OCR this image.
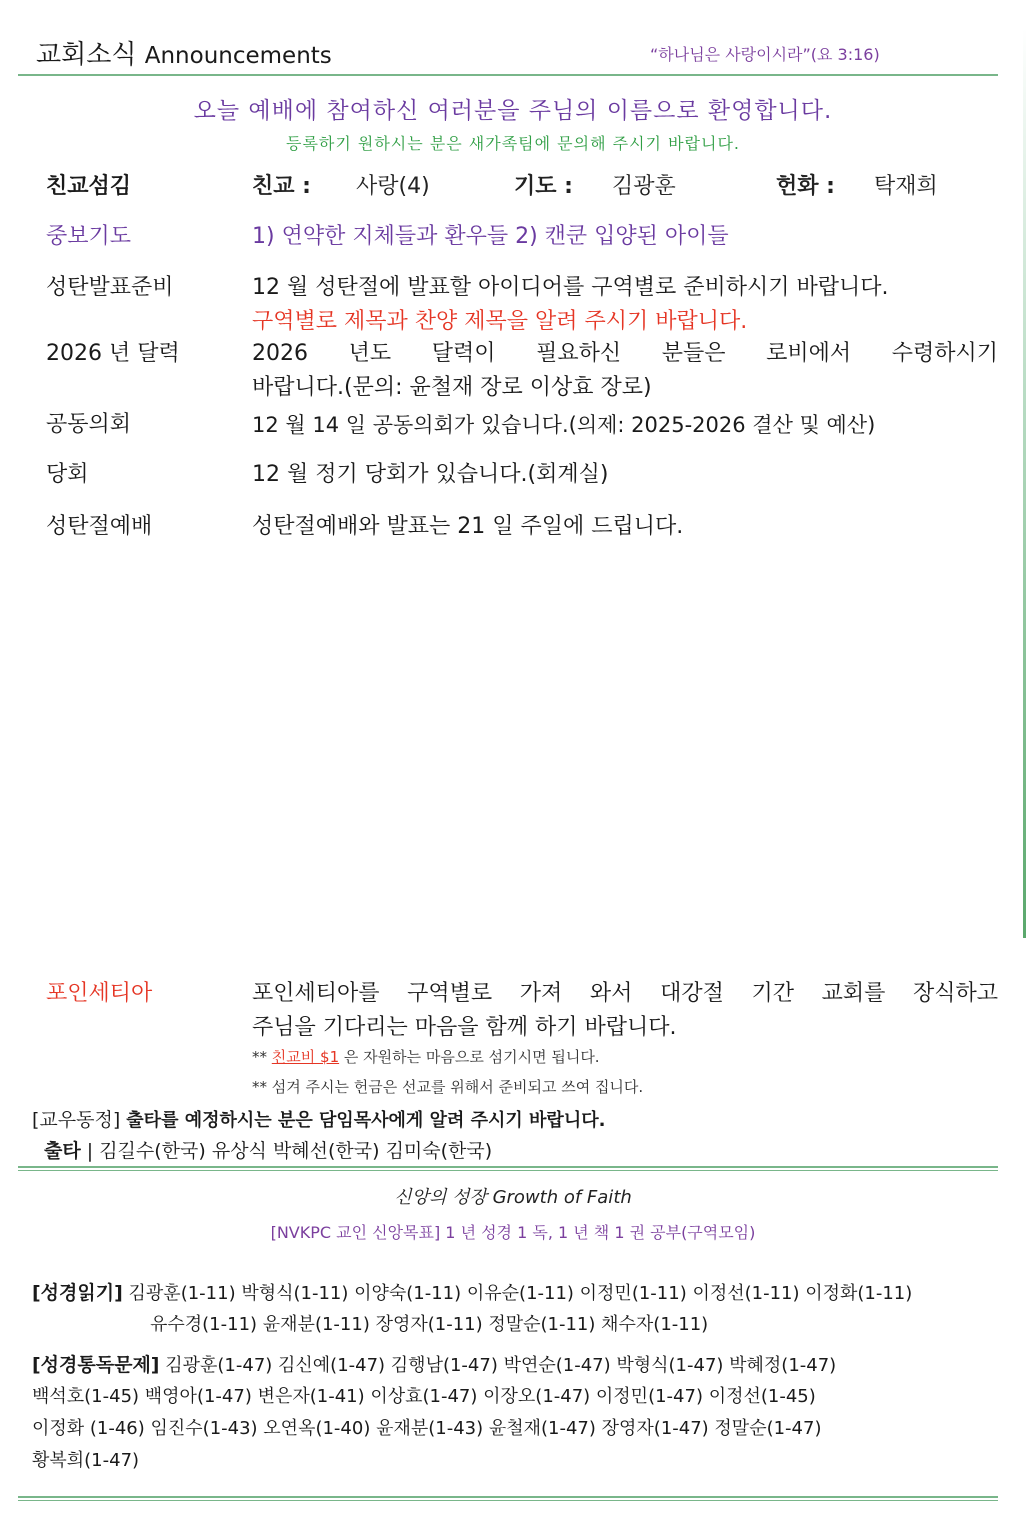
교회소식 Announcements	“하나님은 사랑이시라”(요 3:16)
오늘 예배에 참여하신 여러분을 주님의 이름으로 환영합니다.
등록하기 원하시는 분은 새가족팀에 문의해 주시기 바랍니다.
친교섬김	친교 : 사랑(4)	기도 : 김광훈	헌화 : 탁재희
중보기도	1) 연약한 지체들과 환우들 2) 캔쿤 입양된 아이들
성탄발표준비	12 월 성탄절에 발표할 아이디어를 구역별로 준비하시기 바랍니다.
구역별로 제목과 찬양 제목을 알려 주시기 바랍니다.
2026 년 달력	2026 년도 달력이 필요하신 분들은 로비에서 수령하시기
바랍니다.(문의: 윤철재 장로 이상효 장로)
공동의회	12 월 14 일 공동의회가 있습니다.(의제: 2025-2026 결산 및 예산)
당회	12 월 정기 당회가 있습니다.(회계실)
성탄절예배	성탄절예배와 발표는 21 일 주일에 드립니다.
포인세티아	포인세티아를 구역별로 가져 와서 대강절 기간 교회를 장식하고
주님을 기다리는 마음을 함께 하기 바랍니다.
** 친교비 $1 은 자원하는 마음으로 섬기시면 됩니다.
** 섬겨 주시는 헌금은 선교를 위해서 준비되고 쓰여 집니다.
[교우동정] 출타를 예정하시는 분은 담임목사에게 알려 주시기 바랍니다.
출타 | 김길수(한국) 유상식 박혜선(한국) 김미숙(한국)
신앙의 성장 Growth of Faith
[NVKPC 교인 신앙목표] 1 년 성경 1 독, 1 년 책 1 권 공부(구역모임)
[성경읽기] 김광훈(1-11) 박형식(1-11) 이양숙(1-11) 이유순(1-11) 이정민(1-11) 이정선(1-11) 이정화(1-11)
유수경(1-11) 윤재분(1-11) 장영자(1-11) 정말순(1-11) 채수자(1-11)
[성경통독문제] 김광훈(1-47) 김신예(1-47) 김행남(1-47) 박연순(1-47) 박형식(1-47) 박혜정(1-47)
백석호(1-45) 백영아(1-47) 변은자(1-41) 이상효(1-47) 이장오(1-47) 이정민(1-47) 이정선(1-45)
이정화 (1-46) 임진수(1-43) 오연옥(1-40) 윤재분(1-43) 윤철재(1-47) 장영자(1-47) 정말순(1-47)
황복희(1-47)
